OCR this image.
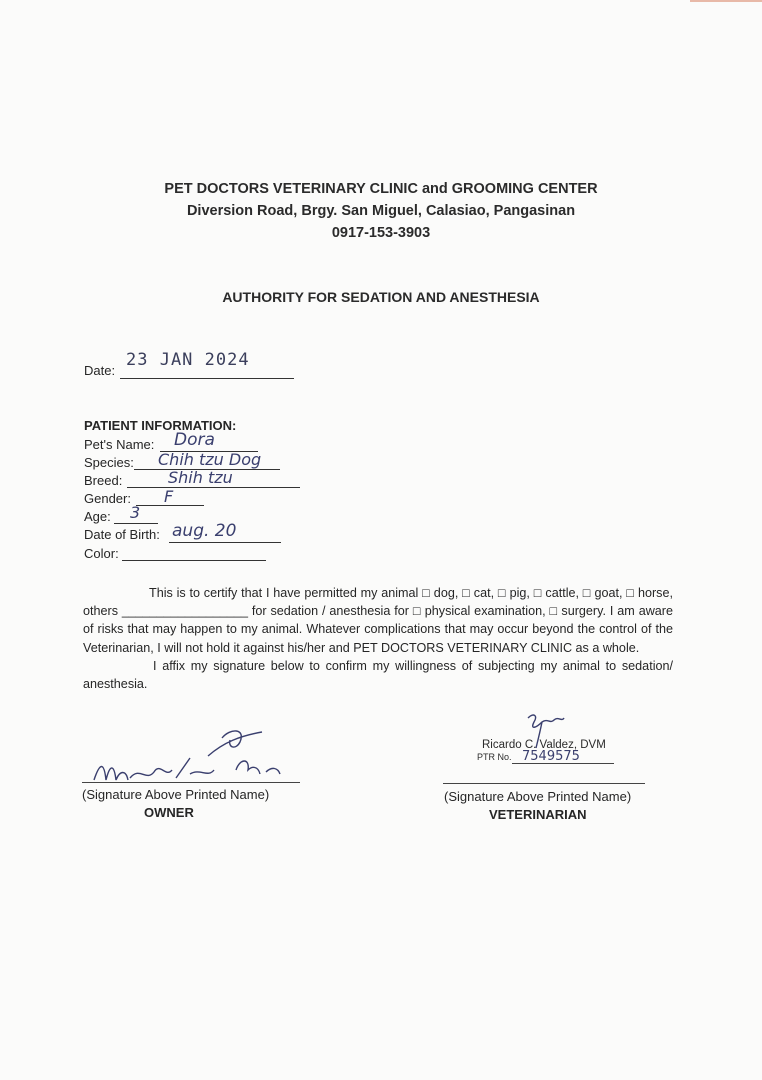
PET DOCTORS VETERINARY CLINIC and GROOMING CENTER
Diversion Road, Brgy. San Miguel, Calasiao, Pangasinan
0917-153-3903
AUTHORITY FOR SEDATION AND ANESTHESIA
Date:
23 JAN 2024
PATIENT INFORMATION:
Pet's Name: Dora
Species: Chih tzu Dog
Breed:	Shih tzu
Gender: F
Age: 3
Date of Birth: aug. 20
Color:

This is to certify that I have permitted my animal □ dog, □ cat, □ pig, □ cattle, □ goat, □ horse, others __________________ for sedation / anesthesia for □ physical examination, □ surgery. I am aware of risks that may happen to my animal. Whatever complications that may occur beyond the control of the Veterinarian, I will not hold it against his/her and PET DOCTORS VETERINARY CLINIC as a whole.

I affix my signature below to confirm my willingness of subjecting my animal to sedation/ anesthesia.

(Signature Above Printed Name)
OWNER
Ricardo C. Valdez, DVM
PTR No. 7549575
(Signature Above Printed Name)
VETERINARIAN
